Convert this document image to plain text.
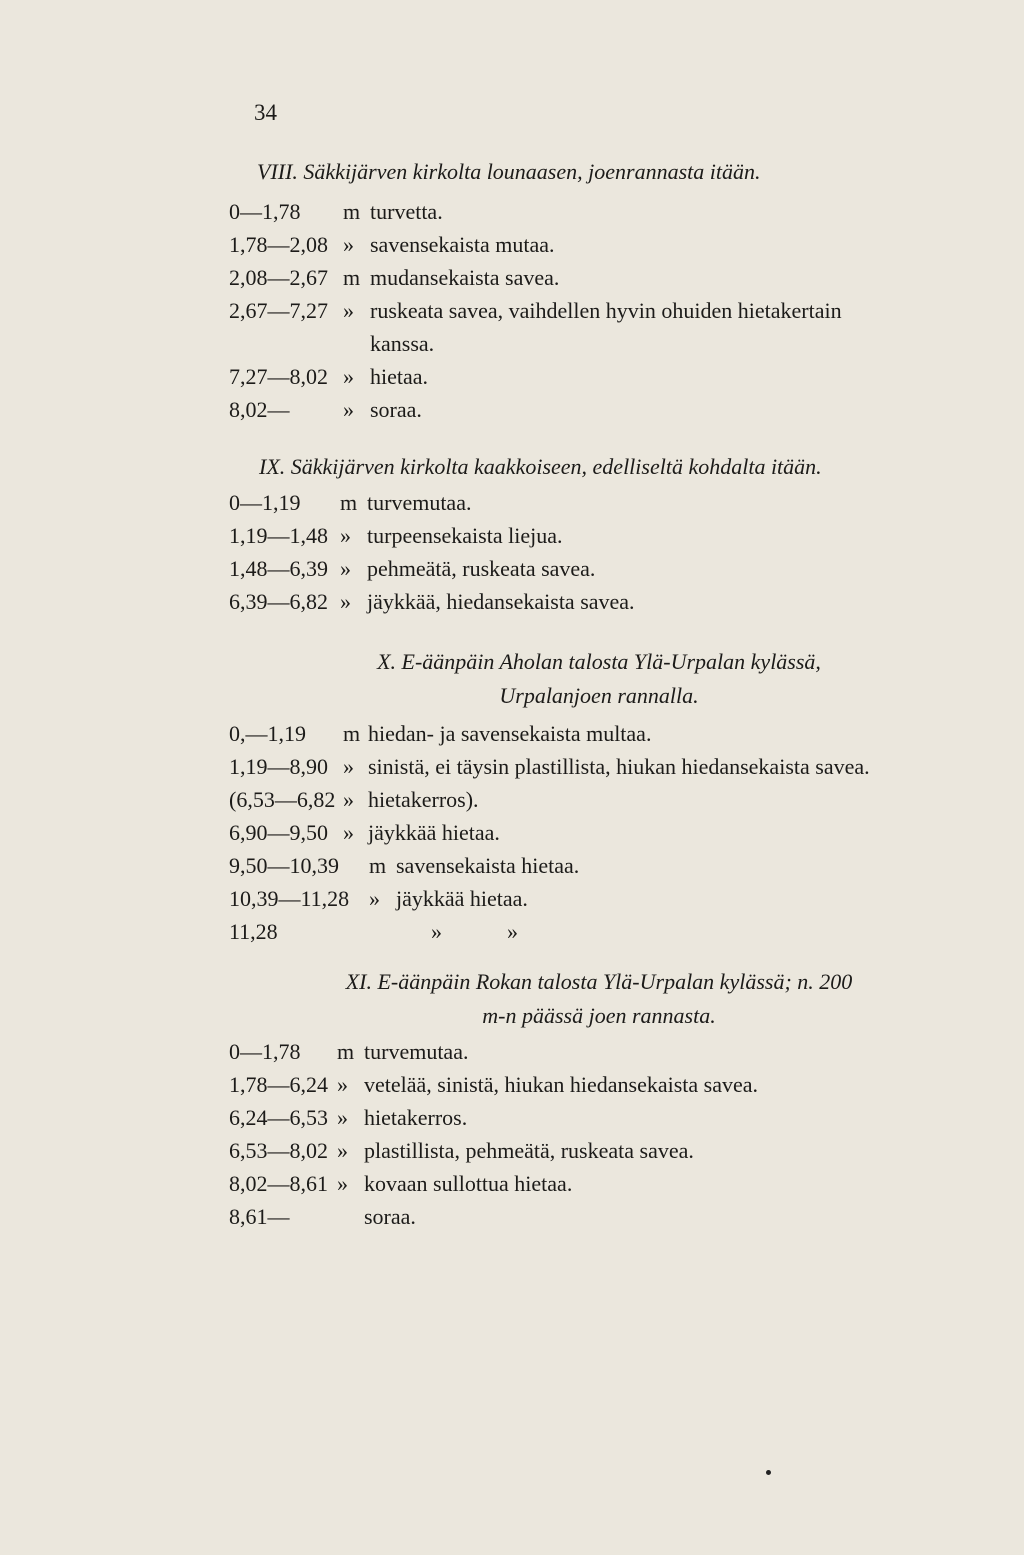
34
VIII. Säkkijärven kirkolta lounaasen, joenrannasta itään.
0—1,78 m turvetta.
1,78—2,08 » savensekaista mutaa.
2,08—2,67 m mudansekaista savea.
2,67—7,27 » ruskeata savea, vaihdellen hyvin ohuiden hietakertain
kanssa.
7,27—8,02 » hietaa.
8,02— » soraa.
IX. Säkkijärven kirkolta kaakkoiseen, edelliseltä kohdalta itään.
0—1,19 m turvemutaa.
1,19—1,48 » turpeensekaista liejua.
1,48—6,39 » pehmeätä, ruskeata savea.
6,39—6,82 » jäykkää, hiedansekaista savea.
X. E-äänpäin Aholan talosta Ylä-Urpalan kylässä,
Urpalanjoen rannalla.
0,—1,19 m hiedan- ja savensekaista multaa.
1,19—8,90 » sinistä, ei täysin plastillista, hiukan hiedansekaista savea.
(6,53—6,82 » hietakerros).
6,90—9,50 » jäykkää hietaa.
9,50—10,39 m savensekaista hietaa.
10,39—11,28 » jäykkää hietaa.
11,28	»	»
XI. E-äänpäin Rokan talosta Ylä-Urpalan kylässä; n. 200
m-n päässä joen rannasta.
0—1,78 m turvemutaa.
1,78—6,24 » vetelää, sinistä, hiukan hiedansekaista savea.
6,24—6,53 » hietakerros.
6,53—8,02 » plastillista, pehmeätä, ruskeata savea.
8,02—8,61 » kovaan sullottua hietaa.
8,61—	soraa.
